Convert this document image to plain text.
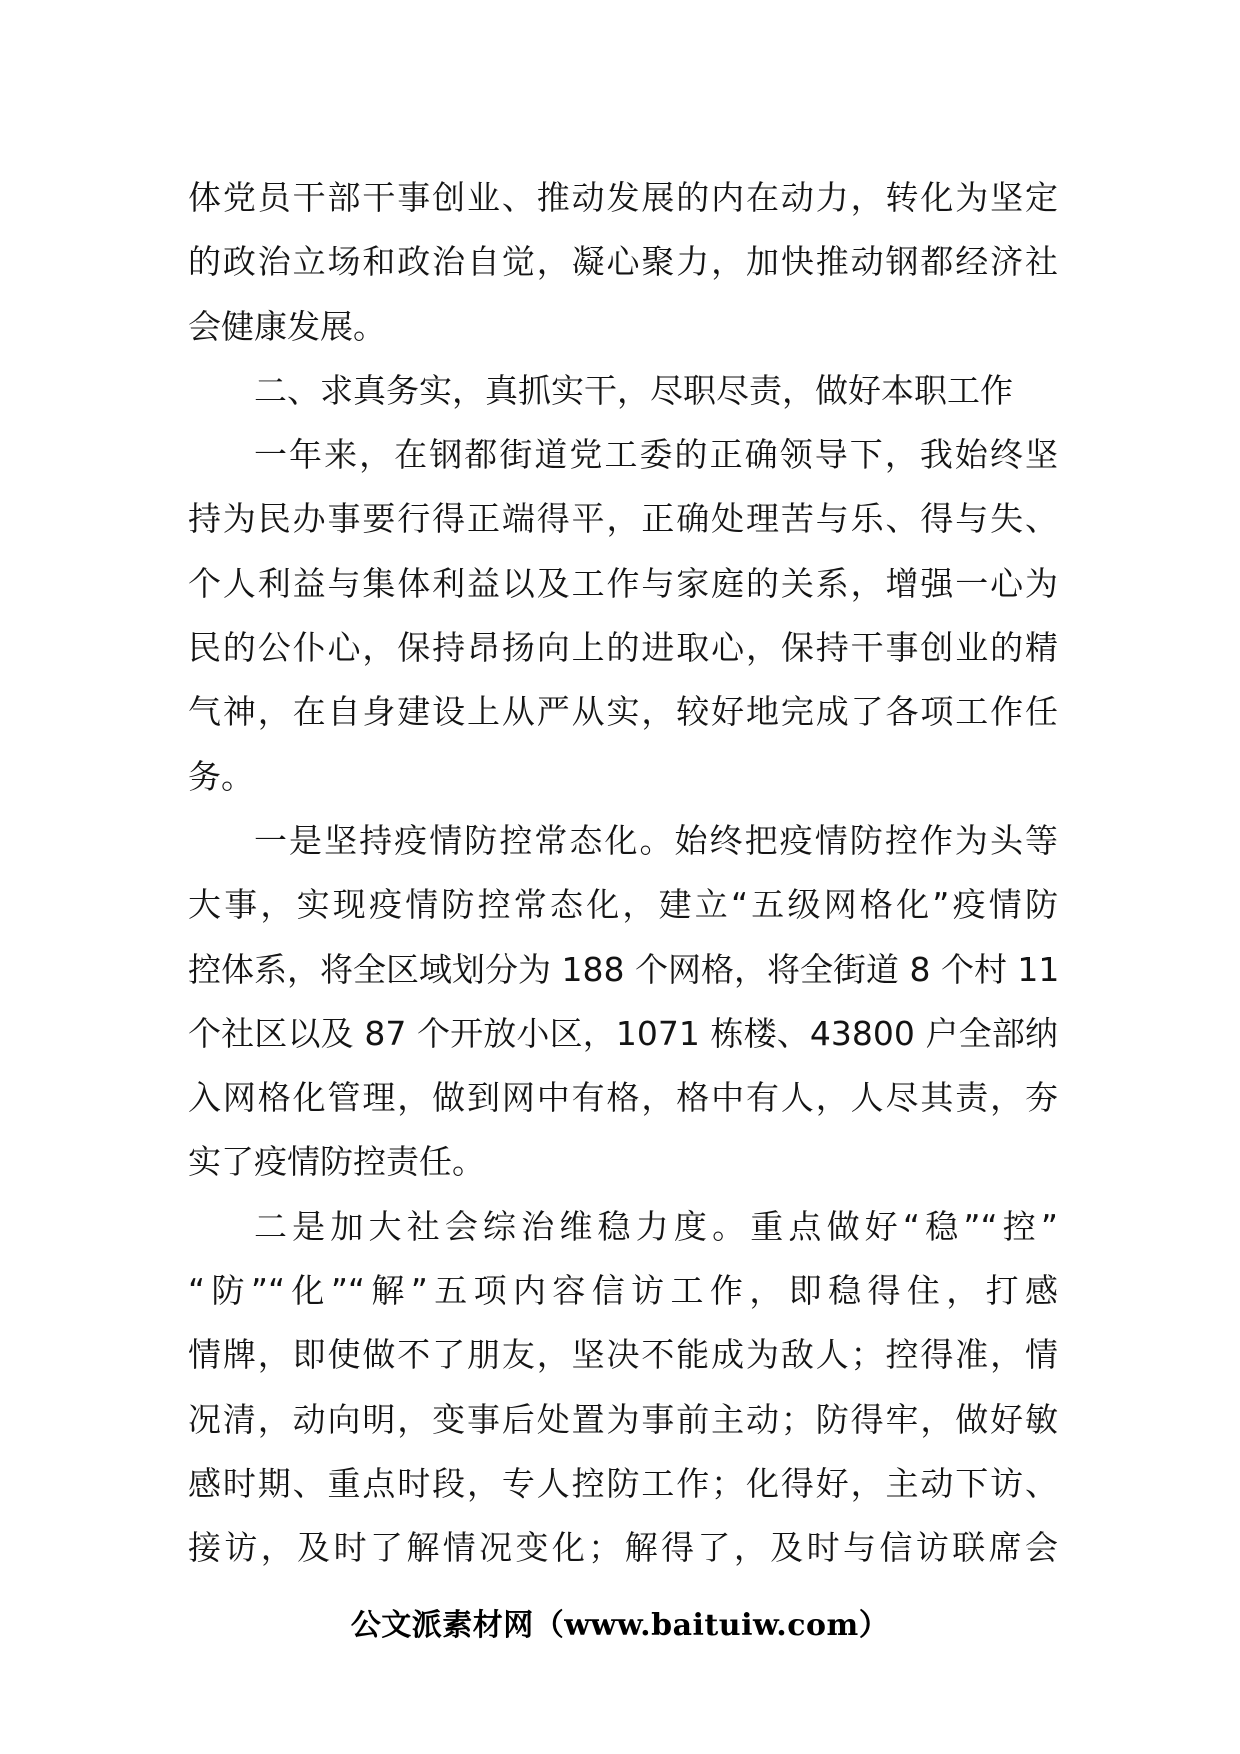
体党员干部干事创业、推动发展的内在动力，转化为坚定
的政治立场和政治自觉，凝心聚力，加快推动钢都经济社
会健康发展。
二、求真务实，真抓实干，尽职尽责，做好本职工作
一年来，在钢都街道党工委的正确领导下，我始终坚
持为民办事要行得正端得平，正确处理苦与乐、得与失、
个人利益与集体利益以及工作与家庭的关系，增强一心为
民的公仆心，保持昂扬向上的进取心，保持干事创业的精
气神，在自身建设上从严从实，较好地完成了各项工作任
务。
一是坚持疫情防控常态化。始终把疫情防控作为头等
大事，实现疫情防控常态化，建立“五级网格化”疫情防
控体系，将全区域划分为 188 个网格，将全街道 8 个村 11
个社区以及 87 个开放小区，1071 栋楼、43800 户全部纳
入网格化管理，做到网中有格，格中有人，人尽其责，夯
实了疫情防控责任。
二是加大社会综治维稳力度。重点做好“稳”“控”
“防”“化”“解”五项内容信访工作，即稳得住，打感
情牌，即使做不了朋友，坚决不能成为敌人；控得准，情
况清，动向明，变事后处置为事前主动；防得牢，做好敏
感时期、重点时段，专人控防工作；化得好，主动下访、
接访，及时了解情况变化；解得了，及时与信访联席会
公文派素材网（www.baituiw.com）
